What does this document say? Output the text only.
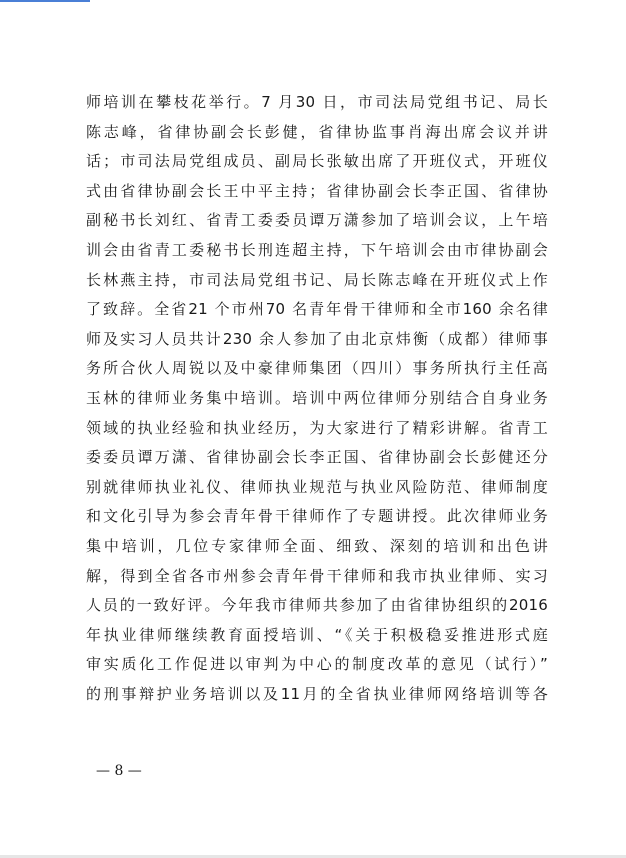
师培训在攀枝花举行。7 月30 日，市司法局党组书记、局长
陈志峰，省律协副会长彭健，省律协监事肖海出席会议并讲
话；市司法局党组成员、副局长张敏出席了开班仪式，开班仪
式由省律协副会长王中平主持；省律协副会长李正国、省律协
副秘书长刘红、省青工委委员谭万潇参加了培训会议，上午培
训会由省青工委秘书长刑连超主持，下午培训会由市律协副会
长林燕主持，市司法局党组书记、局长陈志峰在开班仪式上作
了致辞。全省21 个市州70 名青年骨干律师和全市160 余名律
师及实习人员共计230 余人参加了由北京炜衡（成都）律师事
务所合伙人周锐以及中豪律师集团（四川）事务所执行主任高
玉林的律师业务集中培训。培训中两位律师分别结合自身业务
领域的执业经验和执业经历，为大家进行了精彩讲解。省青工
委委员谭万潇、省律协副会长李正国、省律协副会长彭健还分
别就律师执业礼仪、律师执业规范与执业风险防范、律师制度
和文化引导为参会青年骨干律师作了专题讲授。此次律师业务
集中培训，几位专家律师全面、细致、深刻的培训和出色讲
解，得到全省各市州参会青年骨干律师和我市执业律师、实习
人员的一致好评。今年我市律师共参加了由省律协组织的2016
年执业律师继续教育面授培训、“《关于积极稳妥推进形式庭
审实质化工作促进以审判为中心的制度改革的意见（试行）”
的刑事辩护业务培训以及11月的全省执业律师网络培训等各
— 8 —
